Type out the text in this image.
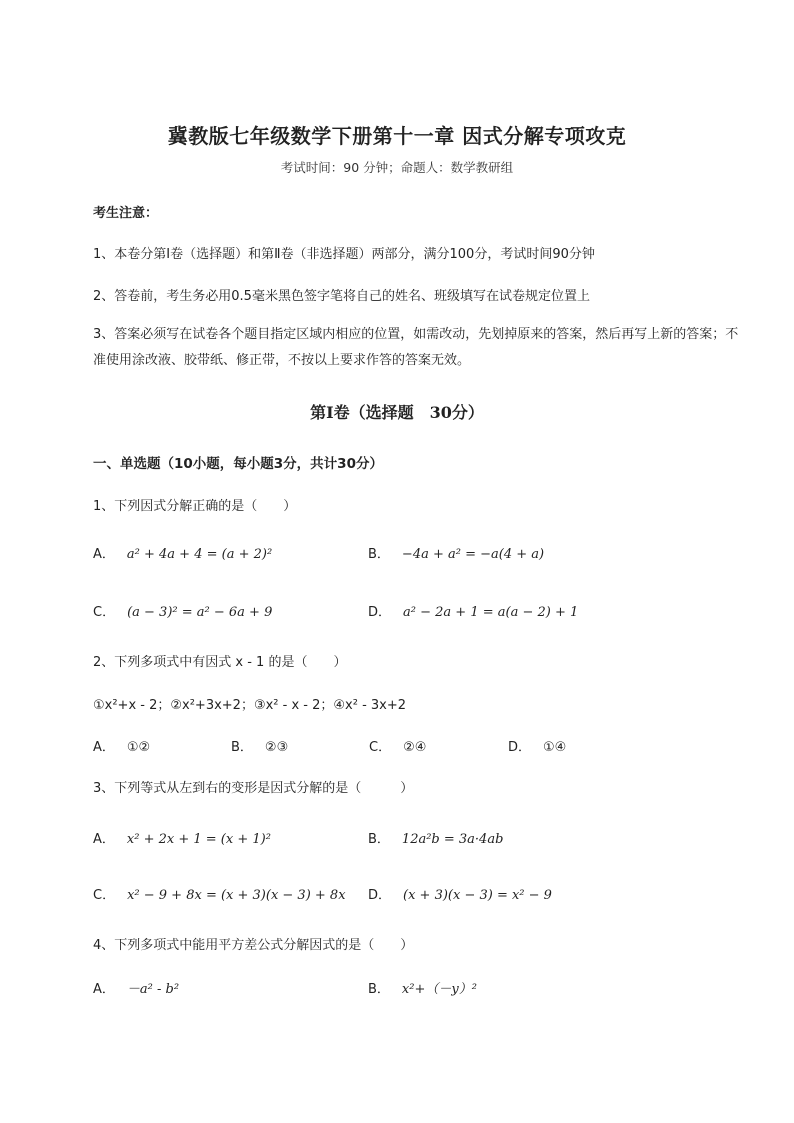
冀教版七年级数学下册第十一章 因式分解专项攻克
考试时间：90 分钟；命题人：数学教研组
考生注意：
1、本卷分第Ⅰ卷（选择题）和第Ⅱ卷（非选择题）两部分，满分100分，考试时间90分钟
2、答卷前，考生务必用0.5毫米黑色签字笔将自己的姓名、班级填写在试卷规定位置上
3、答案必须写在试卷各个题目指定区域内相应的位置，如需改动，先划掉原来的答案，然后再写上新的答案；不准使用涂改液、胶带纸、修正带，不按以上要求作答的答案无效。
第Ⅰ卷（选择题　30分）
一、单选题（10小题，每小题3分，共计30分）
1、下列因式分解正确的是（　　）
A． a² + 4a + 4 = (a + 2)²	B． −4a + a² = −a(4 + a)
C． (a − 3)² = a² − 6a + 9	D． a² − 2a + 1 = a(a − 2) + 1
2、下列多项式中有因式 x - 1 的是（　　）
①x²+x - 2；②x²+3x+2；③x² - x - 2；④x² - 3x+2
A． ①②	B． ②③	C． ②④	D． ①④
3、下列等式从左到右的变形是因式分解的是（　　　）
A． x² + 2x + 1 = (x + 1)²	B． 12a²b = 3a·4ab
C． x² − 9 + 8x = (x + 3)(x − 3) + 8x D． (x + 3)(x − 3) = x² − 9
4、下列多项式中能用平方差公式分解因式的是（　　）
A． －a² - b²	B． x²+（－y）²
